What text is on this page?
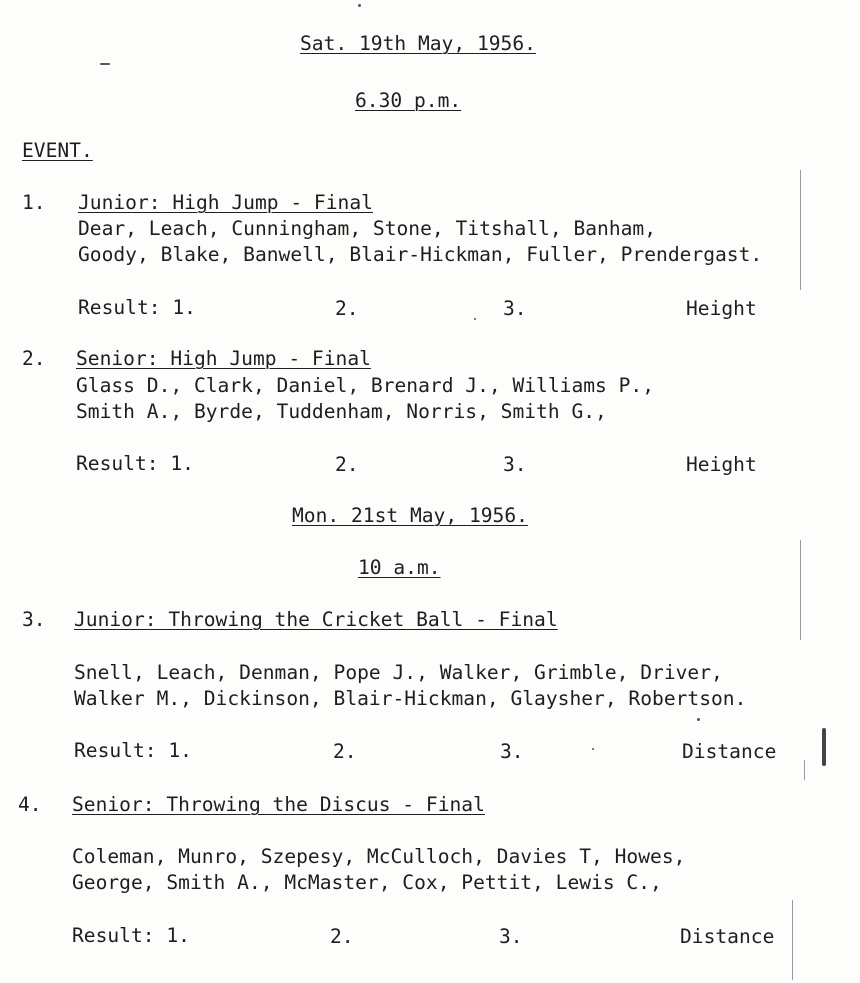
Sat. 19th May, 1956.
6.30 p.m.
EVENT.
1. Junior: High Jump - Final
Dear, Leach, Cunningham, Stone, Titshall, Banham,
Goody, Blake, Banwell, Blair-Hickman, Fuller, Prendergast.
Result: 1.	2.	3.	Height
2. Senior: High Jump - Final
Glass D., Clark, Daniel, Brenard J., Williams P.,
Smith A., Byrde, Tuddenham, Norris, Smith G.,
Result: 1.	2.	3.	Height
Mon. 21st May, 1956.
10 a.m.
3. Junior: Throwing the Cricket Ball - Final
Snell, Leach, Denman, Pope J., Walker, Grimble, Driver,
Walker M., Dickinson, Blair-Hickman, Glaysher, Robertson.
Result: 1.	2.	3.	Distance
4. Senior: Throwing the Discus - Final
Coleman, Munro, Szepesy, McCulloch, Davies T, Howes,
George, Smith A., McMaster, Cox, Pettit, Lewis C.,
Result: 1.	2.	3.	Distance
